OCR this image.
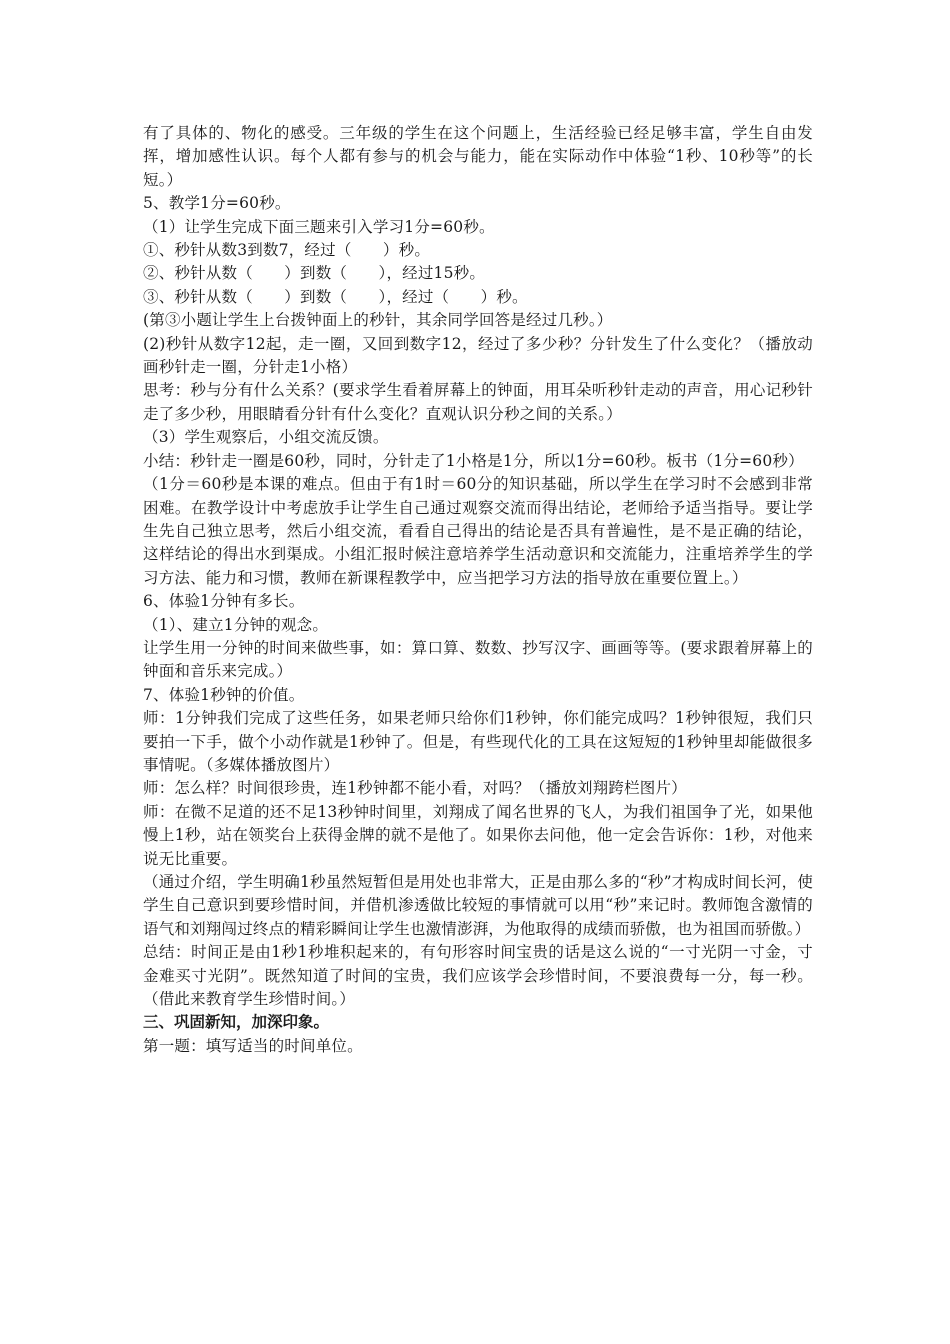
有了具体的、物化的感受。三年级的学生在这个问题上，生活经验已经足够丰富，学生自由发挥，增加感性认识。每个人都有参与的机会与能力，能在实际动作中体验“1秒、10秒等”的长短。）

5、教学1分=60秒。

（1）让学生完成下面三题来引入学习1分=60秒。

①、秒针从数3到数7，经过（　　）秒。

②、秒针从数（　　）到数（　　），经过15秒。

③、秒针从数（　　）到数（　　），经过（　　）秒。

(第③小题让学生上台拨钟面上的秒针，其余同学回答是经过几秒。）

(2)秒针从数字12起，走一圈，又回到数字12，经过了多少秒？分针发生了什么变化？（播放动画秒针走一圈，分针走1小格）

思考：秒与分有什么关系？(要求学生看着屏幕上的钟面，用耳朵听秒针走动的声音，用心记秒针走了多少秒，用眼睛看分针有什么变化？直观认识分秒之间的关系。）

（3）学生观察后，小组交流反馈。

小结：秒针走一圈是60秒，同时，分针走了1小格是1分，所以1分=60秒。板书（1分=60秒）

（1分＝60秒是本课的难点。但由于有1时＝60分的知识基础，所以学生在学习时不会感到非常困难。在教学设计中考虑放手让学生自己通过观察交流而得出结论，老师给予适当指导。要让学生先自己独立思考，然后小组交流，看看自己得出的结论是否具有普遍性，是不是正确的结论，这样结论的得出水到渠成。小组汇报时候注意培养学生活动意识和交流能力，注重培养学生的学习方法、能力和习惯，教师在新课程教学中，应当把学习方法的指导放在重要位置上。）

6、体验1分钟有多长。

（1）、建立1分钟的观念。

让学生用一分钟的时间来做些事，如：算口算、数数、抄写汉字、画画等等。(要求跟着屏幕上的钟面和音乐来完成。）

7、体验1秒钟的价值。

师：1分钟我们完成了这些任务，如果老师只给你们1秒钟，你们能完成吗？1秒钟很短，我们只要拍一下手，做个小动作就是1秒钟了。但是，有些现代化的工具在这短短的1秒钟里却能做很多事情呢。（多媒体播放图片）

师：怎么样？时间很珍贵，连1秒钟都不能小看，对吗？（播放刘翔跨栏图片）

师：在微不足道的还不足13秒钟时间里，刘翔成了闻名世界的飞人，为我们祖国争了光，如果他慢上1秒，站在领奖台上获得金牌的就不是他了。如果你去问他，他一定会告诉你：1秒，对他来说无比重要。

（通过介绍，学生明确1秒虽然短暂但是用处也非常大，正是由那么多的“秒”才构成时间长河，使学生自己意识到要珍惜时间，并借机渗透做比较短的事情就可以用“秒”来记时。教师饱含激情的语气和刘翔闯过终点的精彩瞬间让学生也激情澎湃，为他取得的成绩而骄傲，也为祖国而骄傲。）

总结：时间正是由1秒1秒堆积起来的，有句形容时间宝贵的话是这么说的“一寸光阴一寸金，寸金难买寸光阴”。既然知道了时间的宝贵，我们应该学会珍惜时间，不要浪费每一分，每一秒。（借此来教育学生珍惜时间。）

三、巩固新知，加深印象。

第一题：填写适当的时间单位。
